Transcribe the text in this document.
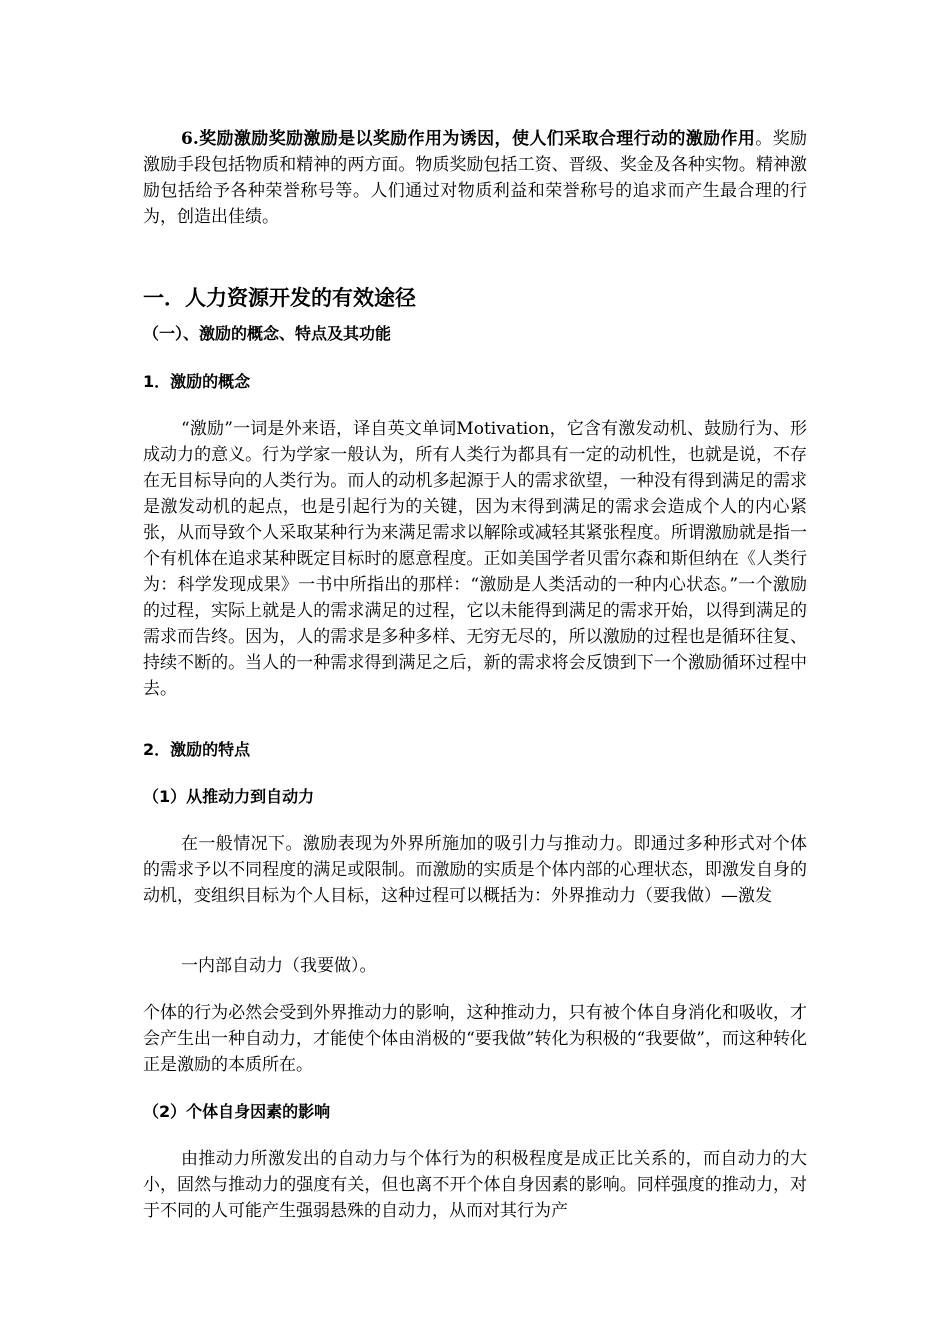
6.奖励激励奖励激励是以奖励作用为诱因，使人们采取合理行动的激励作用。奖励激励手段包括物质和精神的两方面。物质奖励包括工资、晋级、奖金及各种实物。精神激励包括给予各种荣誉称号等。人们通过对物质利益和荣誉称号的追求而产生最合理的行为，创造出佳绩。

一．人力资源开发的有效途径
（一）、激励的概念、特点及其功能
1．激励的概念

“激励”一词是外来语，译自英文单词Motivation，它含有激发动机、鼓励行为、形成动力的意义。行为学家一般认为，所有人类行为都具有一定的动机性，也就是说，不存在无目标导向的人类行为。而人的动机多起源于人的需求欲望，一种没有得到满足的需求是激发动机的起点，也是引起行为的关键，因为末得到满足的需求会造成个人的内心紧张，从而导致个人采取某种行为来满足需求以解除或减轻其紧张程度。所谓激励就是指一个有机体在追求某种既定目标时的愿意程度。正如美国学者贝雷尔森和斯但纳在《人类行为：科学发现成果》一书中所指出的那样：“激励是人类活动的一种内心状态。”一个激励的过程，实际上就是人的需求满足的过程，它以未能得到满足的需求开始，以得到满足的需求而告终。因为，人的需求是多种多样、无穷无尽的，所以激励的过程也是循环往复、持续不断的。当人的一种需求得到满足之后，新的需求将会反馈到下一个激励循环过程中去。

2．激励的特点
（1）从推动力到自动力

在一般情况下。激励表现为外界所施加的吸引力与推动力。即通过多种形式对个体的需求予以不同程度的满足或限制。而激励的实质是个体内部的心理状态，即激发自身的动机，变组织目标为个人目标，这种过程可以概括为：外界推动力（要我做）—激发

一内部自动力（我要做）。

个体的行为必然会受到外界推动力的影响，这种推动力，只有被个体自身消化和吸收，才会产生出一种自动力，才能使个体由消极的“要我做”转化为积极的“我要做”，而这种转化正是激励的本质所在。

（2）个体自身因素的影响

由推动力所激发出的自动力与个体行为的积极程度是成正比关系的，而自动力的大小，固然与推动力的强度有关，但也离不开个体自身因素的影响。同样强度的推动力，对于不同的人可能产生强弱悬殊的自动力，从而对其行为产
